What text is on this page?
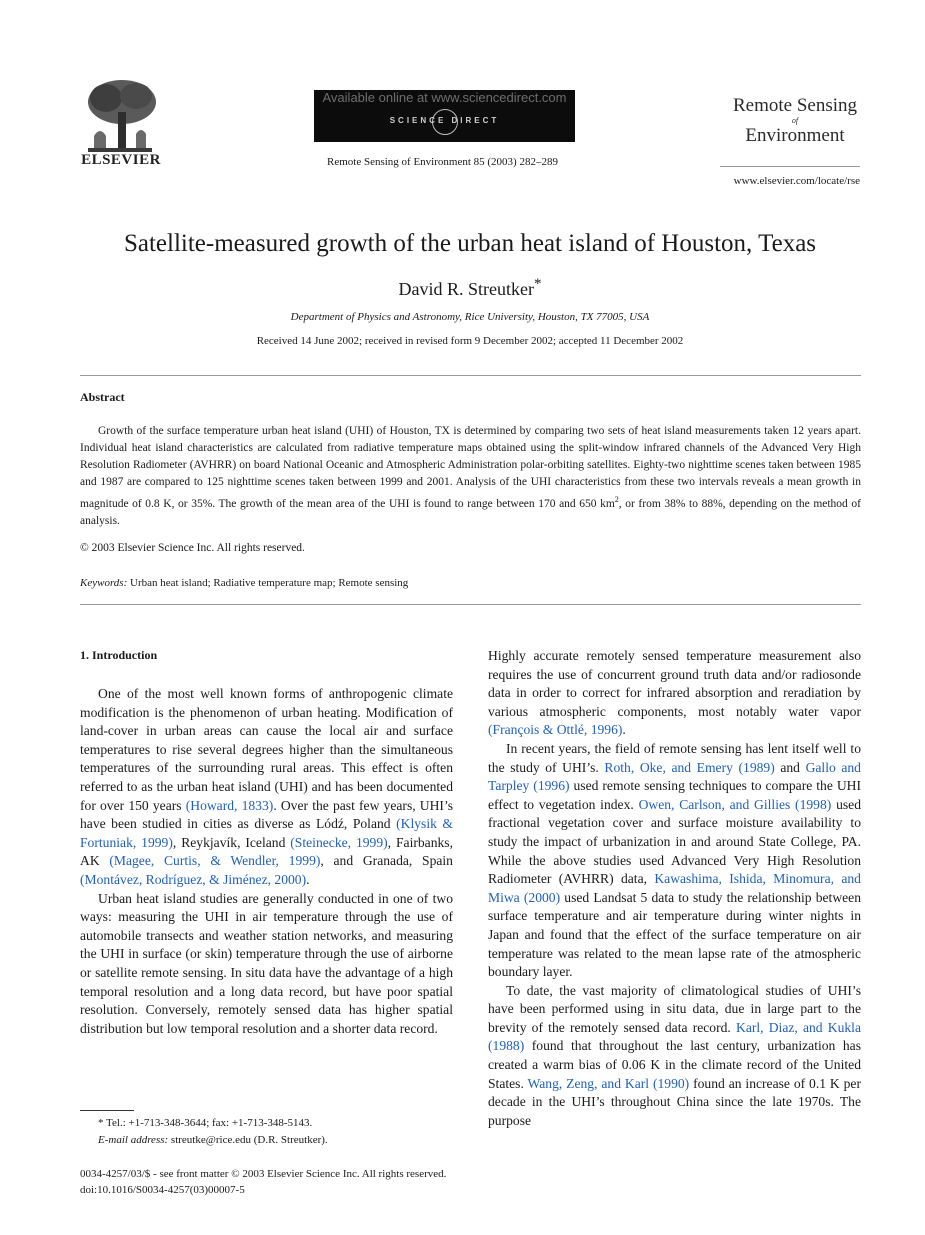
ELSEVIER
Available online at www.sciencedirect.com
SCIENCE DIRECT
Remote Sensing of Environment 85 (2003) 282–289
Remote Sensing
of
Environment
www.elsevier.com/locate/rse
Satellite-measured growth of the urban heat island of Houston, Texas
David R. Streutker*
Department of Physics and Astronomy, Rice University, Houston, TX 77005, USA
Received 14 June 2002; received in revised form 9 December 2002; accepted 11 December 2002
Abstract
Growth of the surface temperature urban heat island (UHI) of Houston, TX is determined by comparing two sets of heat island measurements taken 12 years apart. Individual heat island characteristics are calculated from radiative temperature maps obtained using the split-window infrared channels of the Advanced Very High Resolution Radiometer (AVHRR) on board National Oceanic and Atmospheric Administration polar-orbiting satellites. Eighty-two nighttime scenes taken between 1985 and 1987 are compared to 125 nighttime scenes taken between 1999 and 2001. Analysis of the UHI characteristics from these two intervals reveals a mean growth in magnitude of 0.8 K, or 35%. The growth of the mean area of the UHI is found to range between 170 and 650 $km^2$, or from 38% to 88%, depending on the method of analysis.
© 2003 Elsevier Science Inc. All rights reserved.
Keywords: Urban heat island; Radiative temperature map; Remote sensing
1. Introduction

One of the most well known forms of anthropogenic climate modification is the phenomenon of urban heating. Modification of land-cover in urban areas can cause the local air and surface temperatures to rise several degrees higher than the simultaneous temperatures of the surrounding rural areas. This effect is often referred to as the urban heat island (UHI) and has been documented for over 150 years (Howard, 1833). Over the past few years, UHI’s have been studied in cities as diverse as Lódź, Poland (Klysik & Fortuniak, 1999), Reykjavík, Iceland (Steinecke, 1999), Fairbanks, AK (Magee, Curtis, & Wendler, 1999), and Granada, Spain (Montávez, Rodríguez, & Jiménez, 2000).

Urban heat island studies are generally conducted in one of two ways: measuring the UHI in air temperature through the use of automobile transects and weather station networks, and measuring the UHI in surface (or skin) temperature through the use of airborne or satellite remote sensing. In situ data have the advantage of a high temporal resolution and a long data record, but have poor spatial resolution. Conversely, remotely sensed data has higher spatial distribution but low temporal resolution and a shorter data record.

Highly accurate remotely sensed temperature measurement also requires the use of concurrent ground truth data and/or radiosonde data in order to correct for infrared absorption and reradiation by various atmospheric components, most notably water vapor (François & Ottlé, 1996).

In recent years, the field of remote sensing has lent itself well to the study of UHI’s. Roth, Oke, and Emery (1989) and Gallo and Tarpley (1996) used remote sensing techniques to compare the UHI effect to vegetation index. Owen, Carlson, and Gillies (1998) used fractional vegetation cover and surface moisture availability to study the impact of urbanization in and around State College, PA. While the above studies used Advanced Very High Resolution Radiometer (AVHRR) data, Kawashima, Ishida, Minomura, and Miwa (2000) used Landsat 5 data to study the relationship between surface temperature and air temperature during winter nights in Japan and found that the effect of the surface temperature on air temperature was related to the mean lapse rate of the atmospheric boundary layer.

To date, the vast majority of climatological studies of UHI’s have been performed using in situ data, due in large part to the brevity of the remotely sensed data record. Karl, Diaz, and Kukla (1988) found that throughout the last century, urbanization has created a warm bias of 0.06 K in the climate record of the United States. Wang, Zeng, and Karl (1990) found an increase of 0.1 K per decade in the UHI’s throughout China since the late 1970s. The purpose

* Tel.: +1-713-348-3644; fax: +1-713-348-5143.
E-mail address: streutke@rice.edu (D.R. Streutker).
0034-4257/03/$ - see front matter © 2003 Elsevier Science Inc. All rights reserved.
doi:10.1016/S0034-4257(03)00007-5
